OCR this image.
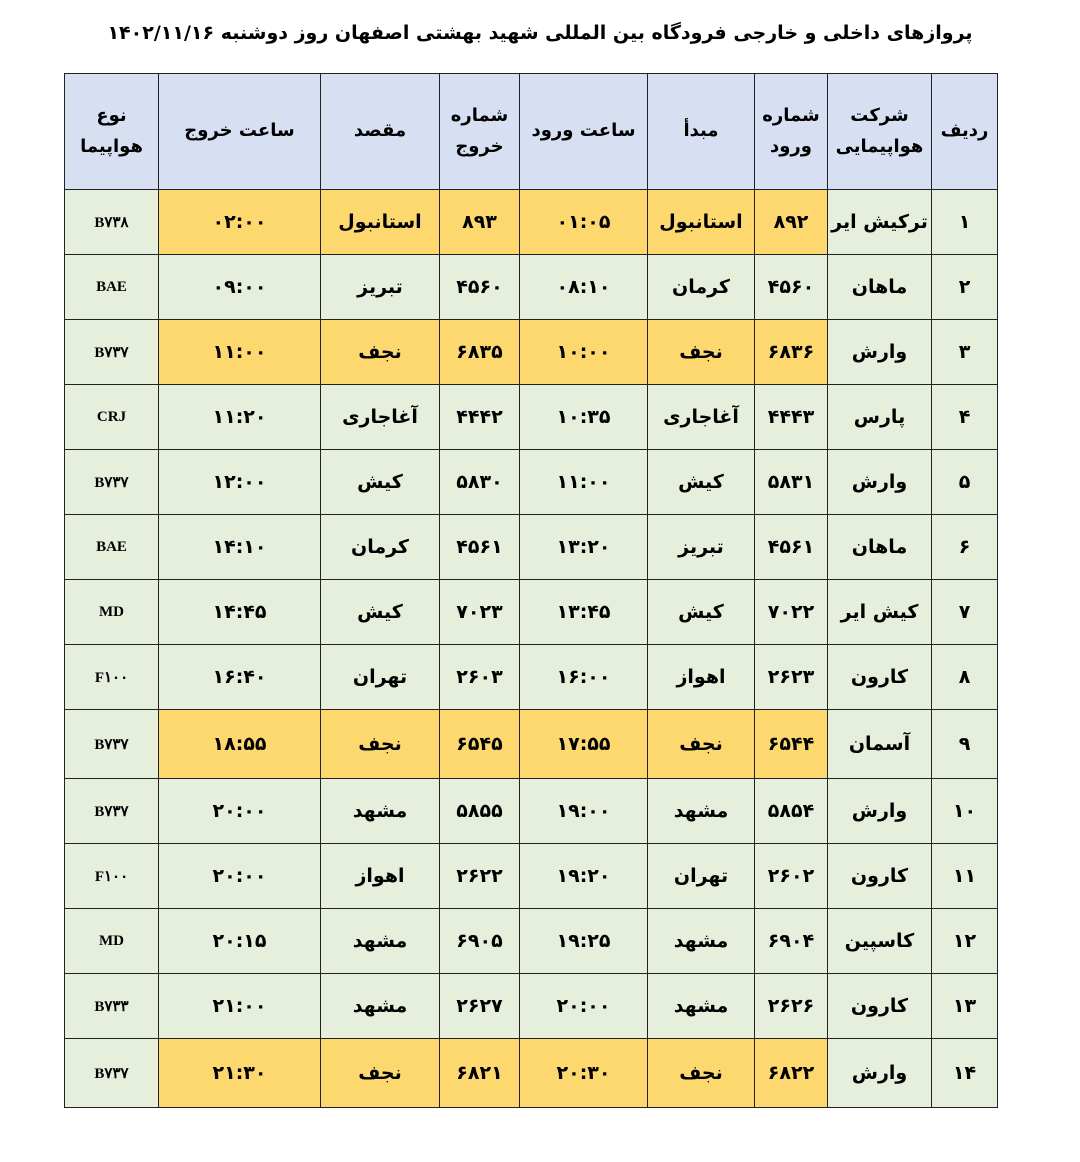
پروازهای داخلی و خارجی فرودگاه بین المللی شهید بهشتی اصفهان روز دوشنبه ۱۴۰۲/۱۱/۱۶
ردیف	شرکت هواپیمایی	شماره ورود	مبدأ	ساعت ورود	شماره خروج	مقصد	ساعت خروج	نوع هواپیما
۱	ترکیش ایر	۸۹۲	استانبول	۰۱:۰۵	۸۹۳	استانبول	۰۲:۰۰	B۷۳۸
۲	ماهان	۴۵۶۰	کرمان	۰۸:۱۰	۴۵۶۰	تبریز	۰۹:۰۰	BAE
۳	وارش	۶۸۳۶	نجف	۱۰:۰۰	۶۸۳۵	نجف	۱۱:۰۰	B۷۳۷
۴	پارس	۴۴۴۳	آغاجاری	۱۰:۳۵	۴۴۴۲	آغاجاری	۱۱:۲۰	CRJ
۵	وارش	۵۸۳۱	کیش	۱۱:۰۰	۵۸۳۰	کیش	۱۲:۰۰	B۷۳۷
۶	ماهان	۴۵۶۱	تبریز	۱۳:۲۰	۴۵۶۱	کرمان	۱۴:۱۰	BAE
۷	کیش ایر	۷۰۲۲	کیش	۱۳:۴۵	۷۰۲۳	کیش	۱۴:۴۵	MD
۸	کارون	۲۶۲۳	اهواز	۱۶:۰۰	۲۶۰۳	تهران	۱۶:۴۰	F۱۰۰
۹	آسمان	۶۵۴۴	نجف	۱۷:۵۵	۶۵۴۵	نجف	۱۸:۵۵	B۷۳۷
۱۰	وارش	۵۸۵۴	مشهد	۱۹:۰۰	۵۸۵۵	مشهد	۲۰:۰۰	B۷۳۷
۱۱	کارون	۲۶۰۲	تهران	۱۹:۲۰	۲۶۲۲	اهواز	۲۰:۰۰	F۱۰۰
۱۲	کاسپین	۶۹۰۴	مشهد	۱۹:۲۵	۶۹۰۵	مشهد	۲۰:۱۵	MD
۱۳	کارون	۲۶۲۶	مشهد	۲۰:۰۰	۲۶۲۷	مشهد	۲۱:۰۰	B۷۳۳
۱۴	وارش	۶۸۲۲	نجف	۲۰:۳۰	۶۸۲۱	نجف	۲۱:۳۰	B۷۳۷
